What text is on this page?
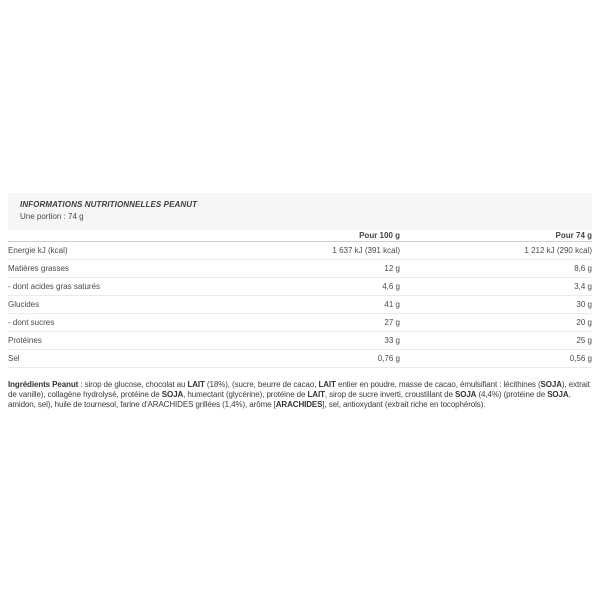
INFORMATIONS NUTRITIONNELLES PEANUT
Une portion : 74 g
	Pour 100 g	Pour 74 g
Energie kJ (kcal)	1 637 kJ (391 kcal)	1 212 kJ (290 kcal)
Matières grasses	12 g	8,6 g
- dont acides gras saturés	4,6 g	3,4 g
Glucides	41 g	30 g
- dont sucres	27 g	20 g
Protéines	33 g	25 g
Sel	0,76 g	0,56 g

Ingrédients Peanut : sirop de glucose, chocolat au LAIT (18%), (sucre, beurre de cacao, LAIT entier en poudre, masse de cacao, émulsifiant : lécithines (SOJA), extrait de vanille), collagène hydrolysé, protéine de SOJA, humectant (glycérine), protéine de LAIT, sirop de sucre inverti, croustillant de SOJA (4,4%) (protéine de SOJA, amidon, sel), huile de tournesol, farine d'ARACHIDES grillées (1,4%), arôme [ARACHIDES], sel, antioxydant (extrait riche en tocophérols).
